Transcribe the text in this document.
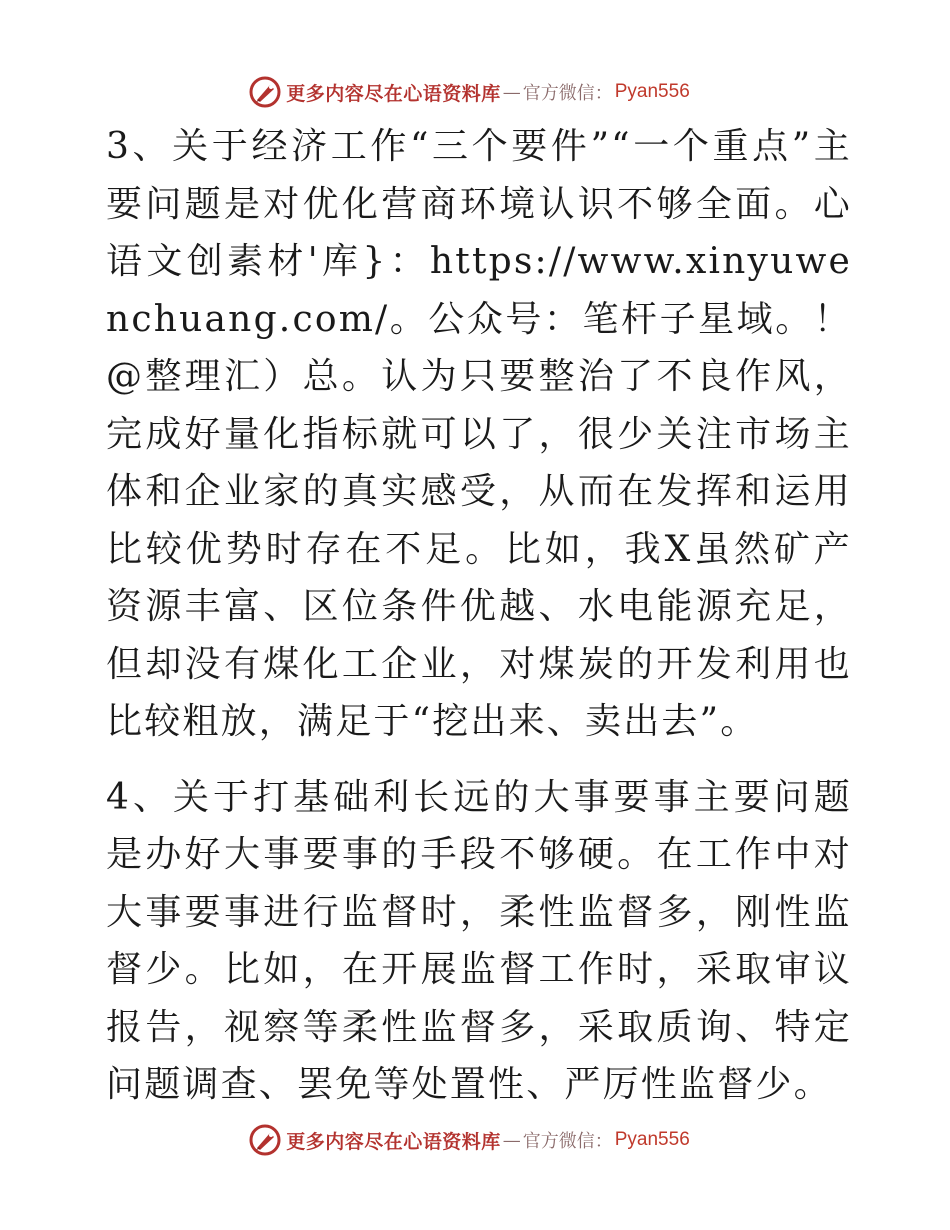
更多内容尽在心语资料库 — 官方微信： Pyan556

3、关于经济工作“三个要件”“一个重点”主要问题是对优化营商环境认识不够全面。心语文创素材'库}：https://www.xinyuwenchuang.com/。公众号：笔杆子星域。！@整理汇）总。认为只要整治了不良作风，完成好量化指标就可以了，很少关注市场主体和企业家的真实感受，从而在发挥和运用比较优势时存在不足。比如，我X虽然矿产资源丰富、区位条件优越、水电能源充足，但却没有煤化工企业，对煤炭的开发利用也比较粗放，满足于“挖出来、卖出去”。

4、关于打基础利长远的大事要事主要问题是办好大事要事的手段不够硬。在工作中对大事要事进行监督时，柔性监督多，刚性监督少。比如，在开展监督工作时，采取审议报告，视察等柔性监督多，采取质询、特定问题调查、罢免等处置性、严厉性监督少。

更多内容尽在心语资料库 — 官方微信： Pyan556
